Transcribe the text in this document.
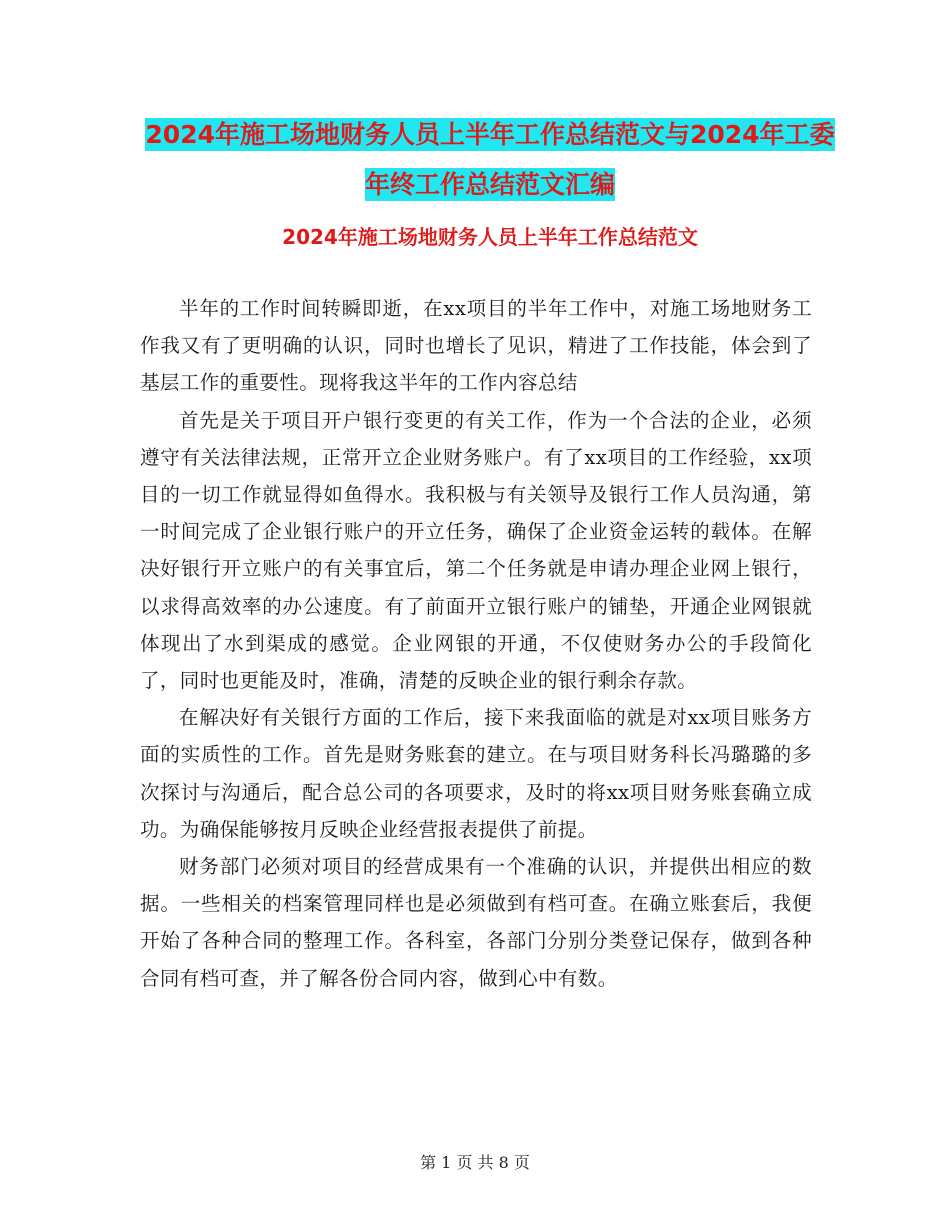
2024年施工场地财务人员上半年工作总结范文与2024年工委年终工作总结范文汇编
2024年施工场地财务人员上半年工作总结范文

半年的工作时间转瞬即逝，在xx项目的半年工作中，对施工场地财务工作我又有了更明确的认识，同时也增长了见识，精进了工作技能，体会到了基层工作的重要性。现将我这半年的工作内容总结

首先是关于项目开户银行变更的有关工作，作为一个合法的企业，必须遵守有关法律法规，正常开立企业财务账户。有了xx项目的工作经验，xx项目的一切工作就显得如鱼得水。我积极与有关领导及银行工作人员沟通，第一时间完成了企业银行账户的开立任务，确保了企业资金运转的载体。在解决好银行开立账户的有关事宜后，第二个任务就是申请办理企业网上银行，以求得高效率的办公速度。有了前面开立银行账户的铺垫，开通企业网银就体现出了水到渠成的感觉。企业网银的开通，不仅使财务办公的手段简化了，同时也更能及时，准确，清楚的反映企业的银行剩余存款。

在解决好有关银行方面的工作后，接下来我面临的就是对xx项目账务方面的实质性的工作。首先是财务账套的建立。在与项目财务科长冯璐璐的多次探讨与沟通后，配合总公司的各项要求，及时的将xx项目财务账套确立成功。为确保能够按月反映企业经营报表提供了前提。

财务部门必须对项目的经营成果有一个准确的认识，并提供出相应的数据。一些相关的档案管理同样也是必须做到有档可查。在确立账套后，我便开始了各种合同的整理工作。各科室，各部门分别分类登记保存，做到各种合同有档可查，并了解各份合同内容，做到心中有数。

第 1 页 共 8 页
